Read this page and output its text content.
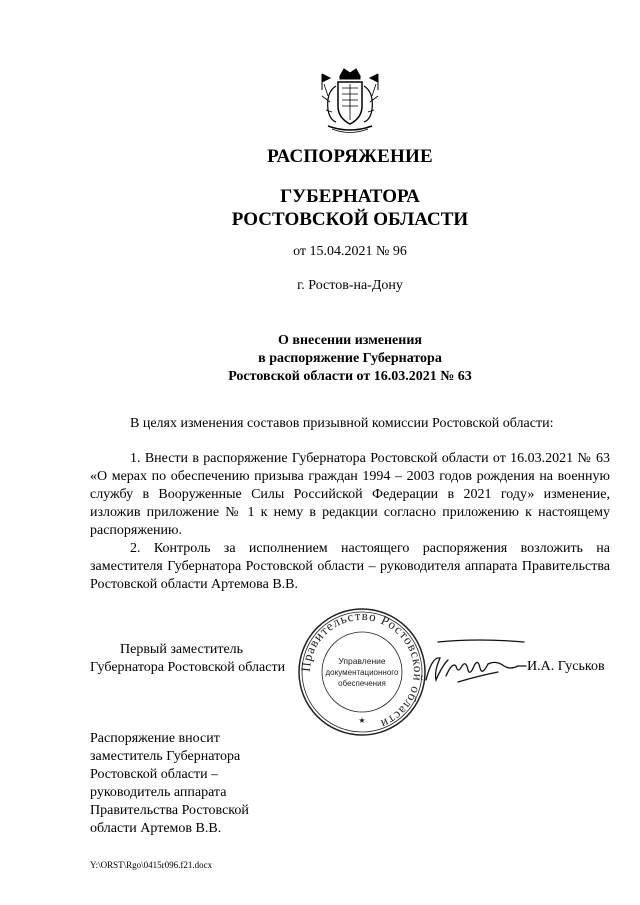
РАСПОРЯЖЕНИЕ
ГУБЕРНАТОРА
РОСТОВСКОЙ ОБЛАСТИ
от 15.04.2021 № 96
г. Ростов-на-Дону
О внесении изменения
в распоряжение Губернатора
Ростовской области от 16.03.2021 № 63
В целях изменения составов призывной комиссии Ростовской области:
1. Внести в распоряжение Губернатора Ростовской области от 16.03.2021 № 63 «О мерах по обеспечению призыва граждан 1994 – 2003 годов рождения на военную службу в Вооруженные Силы Российской Федерации в 2021 году» изменение, изложив приложение № 1 к нему в редакции согласно приложению к настоящему распоряжению.
2. Контроль за исполнением настоящего распоряжения возложить на заместителя Губернатора Ростовской области – руководителя аппарата Правительства Ростовской области Артемова В.В.
Первый заместитель
Губернатора Ростовской области Правительство Ростовской области
Управление
документационного
обеспечения
★
И.А. Гуськов
Распоряжение вносит
заместитель Губернатора
Ростовской области –
руководитель аппарата
Правительства Ростовской
области Артемов В.В.
Y:\ORST\Rgo\0415r096.f21.docx
